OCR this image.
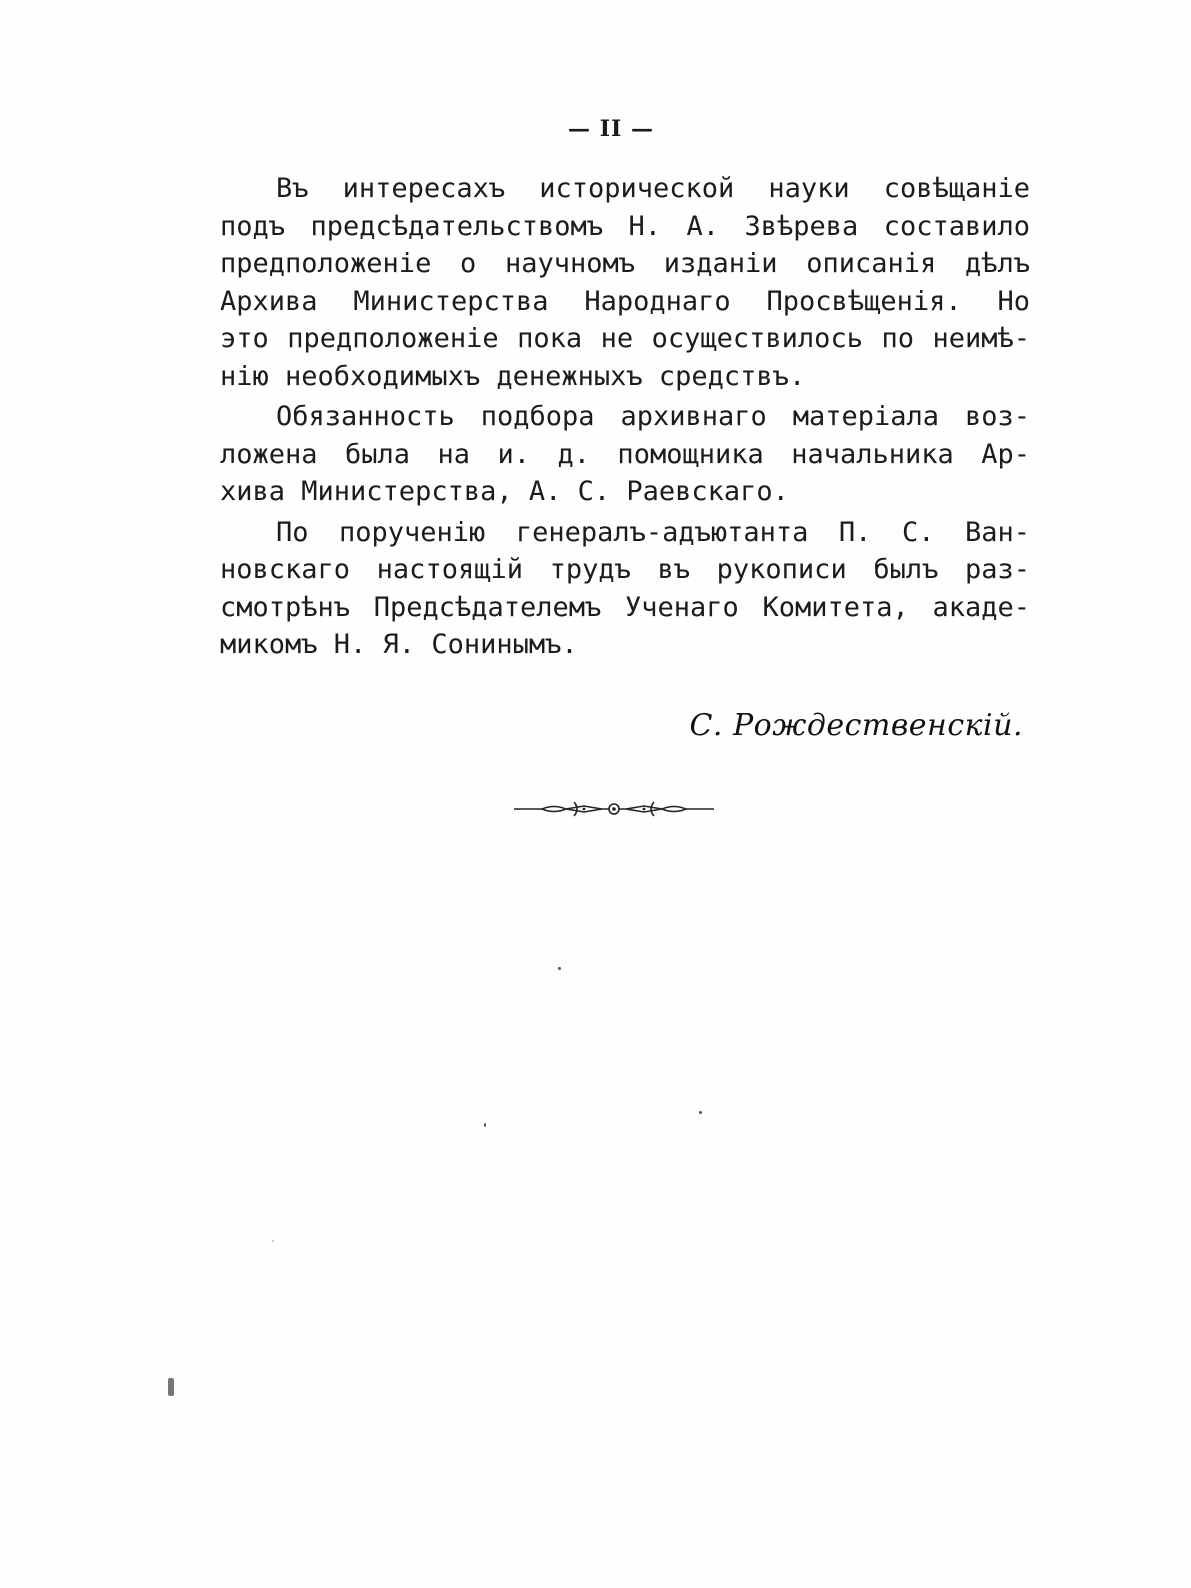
— II —

Въ интересахъ исторической науки совѣщаніе
подъ предсѣдательствомъ Н. А. Звѣрева составило
предположеніе о научномъ изданіи описанія дѣлъ
Архива Министерства Народнаго Просвѣщенія. Но
это предположеніе пока не осуществилось по неимѣ-
нію необходимыхъ денежныхъ средствъ.

Обязанность подбора архивнаго матеріала воз-
ложена была на и. д. помощника начальника Ар-
хива Министерства, А. С. Раевскаго.

По порученію генералъ-адъютанта П. С. Ван-
новскаго настоящій трудъ въ рукописи былъ раз-
смотрѣнъ Предсѣдателемъ Ученаго Комитета, акаде-
микомъ Н. Я. Сонинымъ.

С. Рождественскій.
